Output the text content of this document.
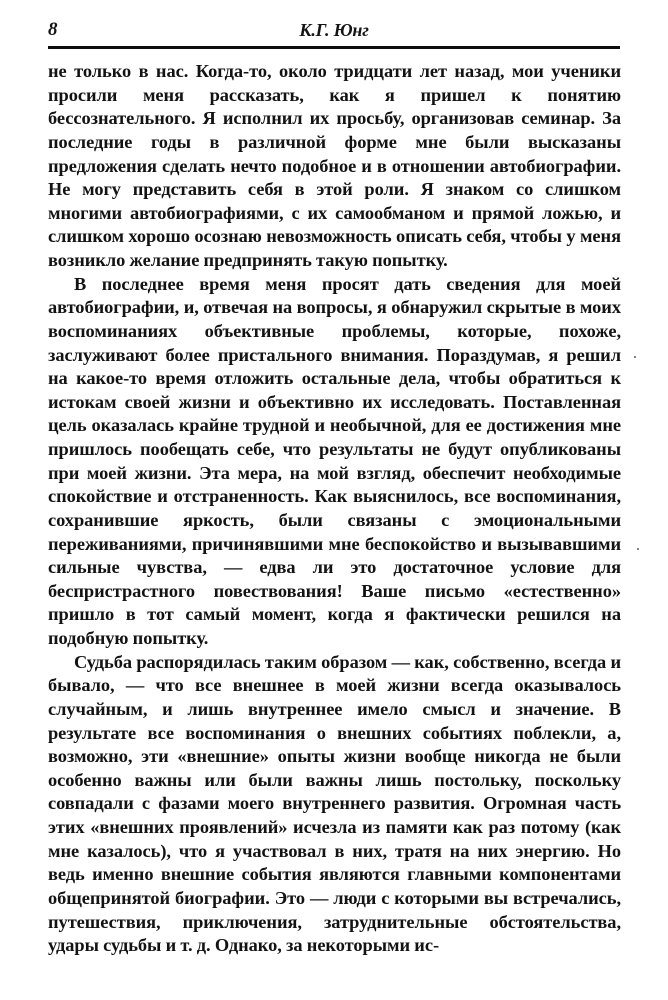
8	К.Г. Юнг

не только в нас. Когда-то, около тридцати лет назад, мои ученики просили меня рассказать, как я пришел к понятию бессознательного. Я исполнил их просьбу, организовав семинар. За последние годы в различной форме мне были высказаны предложения сделать нечто подобное и в отношении автобиографии. Не могу представить себя в этой роли. Я знаком со слишком многими автобиографиями, с их самообманом и прямой ложью, и слишком хорошо осознаю невозможность описать себя, чтобы у меня возникло желание предпринять такую попытку.

В последнее время меня просят дать сведения для моей автобиографии, и, отвечая на вопросы, я обнаружил скрытые в моих воспоминаниях объективные проблемы, которые, похоже, заслуживают более пристального внимания. Пораздумав, я решил на какое-то время отложить остальные дела, чтобы обратиться к истокам своей жизни и объективно их исследовать. Поставленная цель оказалась крайне трудной и необычной, для ее достижения мне пришлось пообещать себе, что результаты не будут опубликованы при моей жизни. Эта мера, на мой взгляд, обеспечит необходимые спокойствие и отстраненность. Как выяснилось, все воспоминания, сохранившие яркость, были связаны с эмоциональными переживаниями, причинявшими мне беспокойство и вызывавшими сильные чувства, — едва ли это достаточное условие для беспристрастного повествования! Ваше письмо «естественно» пришло в тот самый момент, когда я фактически решился на подобную попытку.

Судьба распорядилась таким образом — как, собственно, всегда и бывало, — что все внешнее в моей жизни всегда оказывалось случайным, и лишь внутреннее имело смысл и значение. В результате все воспоминания о внешних событиях поблекли, а, возможно, эти «внешние» опыты жизни вообще никогда не были особенно важны или были важны лишь постольку, поскольку совпадали с фазами моего внутреннего развития. Огромная часть этих «внешних проявлений» исчезла из памяти как раз потому (как мне казалось), что я участвовал в них, тратя на них энергию. Но ведь именно внешние события являются главными компонентами общепринятой биографии. Это — люди с которыми вы встречались, путешествия, приключения, затруднительные обстоятельства, удары судьбы и т. д. Однако, за некоторыми ис-
